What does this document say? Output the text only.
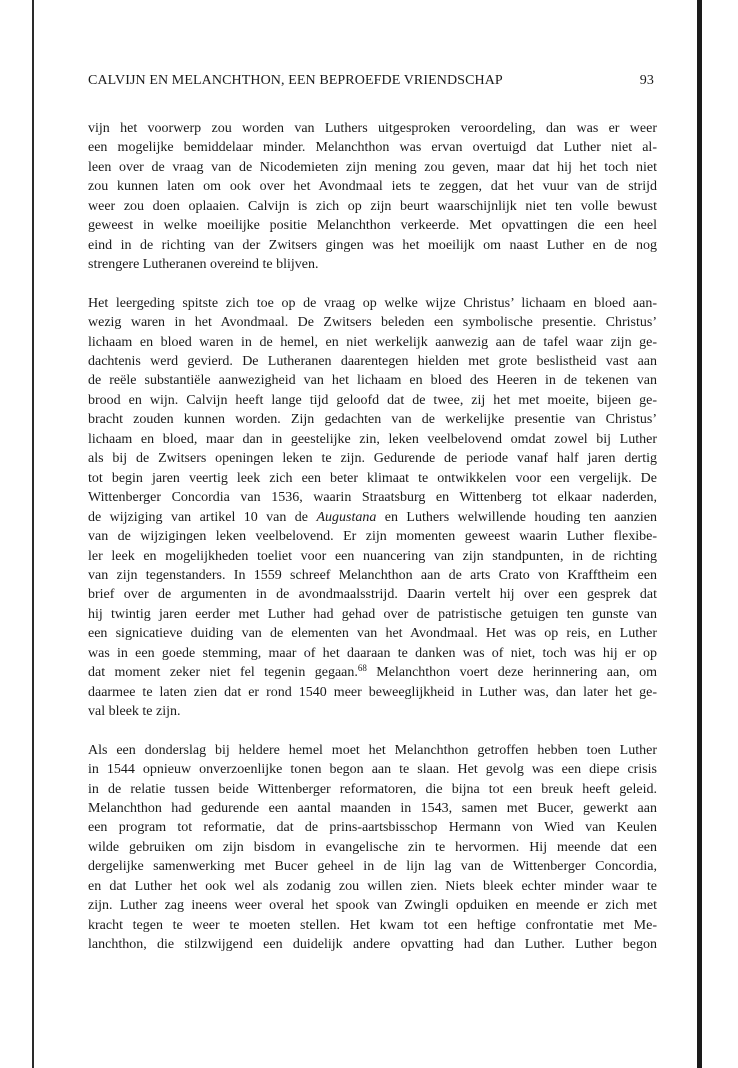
CALVIJN EN MELANCHTHON, EEN BEPROEFDE VRIENDSCHAP	93
vijn het voorwerp zou worden van Luthers uitgesproken veroordeling, dan was er weer
een mogelijke bemiddelaar minder. Melanchthon was ervan overtuigd dat Luther niet al-
leen over de vraag van de Nicodemieten zijn mening zou geven, maar dat hij het toch niet
zou kunnen laten om ook over het Avondmaal iets te zeggen, dat het vuur van de strijd
weer zou doen oplaaien. Calvijn is zich op zijn beurt waarschijnlijk niet ten volle bewust
geweest in welke moeilijke positie Melanchthon verkeerde. Met opvattingen die een heel
eind in de richting van der Zwitsers gingen was het moeilijk om naast Luther en de nog
strengere Lutheranen overeind te blijven.
Het leergeding spitste zich toe op de vraag op welke wijze Christus’ lichaam en bloed aan-
wezig waren in het Avondmaal. De Zwitsers beleden een symbolische presentie. Christus’
lichaam en bloed waren in de hemel, en niet werkelijk aanwezig aan de tafel waar zijn ge-
dachtenis werd gevierd. De Lutheranen daarentegen hielden met grote beslistheid vast aan
de reële substantiële aanwezigheid van het lichaam en bloed des Heeren in de tekenen van
brood en wijn. Calvijn heeft lange tijd geloofd dat de twee, zij het met moeite, bijeen ge-
bracht zouden kunnen worden. Zijn gedachten van de werkelijke presentie van Christus’
lichaam en bloed, maar dan in geestelijke zin, leken veelbelovend omdat zowel bij Luther
als bij de Zwitsers openingen leken te zijn. Gedurende de periode vanaf half jaren dertig
tot begin jaren veertig leek zich een beter klimaat te ontwikkelen voor een vergelijk. De
Wittenberger Concordia van 1536, waarin Straatsburg en Wittenberg tot elkaar naderden,
de wijziging van artikel 10 van de Augustana en Luthers welwillende houding ten aanzien
van de wijzigingen leken veelbelovend. Er zijn momenten geweest waarin Luther flexibe-
ler leek en mogelijkheden toeliet voor een nuancering van zijn standpunten, in de richting
van zijn tegenstanders. In 1559 schreef Melanchthon aan de arts Crato von Krafftheim een
brief over de argumenten in de avondmaalsstrijd. Daarin vertelt hij over een gesprek dat
hij twintig jaren eerder met Luther had gehad over de patristische getuigen ten gunste van
een signicatieve duiding van de elementen van het Avondmaal. Het was op reis, en Luther
was in een goede stemming, maar of het daaraan te danken was of niet, toch was hij er op
dat moment zeker niet fel tegenin gegaan.$^{68}$ Melanchthon voert deze herinnering aan, om
daarmee te laten zien dat er rond 1540 meer beweeglijkheid in Luther was, dan later het ge-
val bleek te zijn.
Als een donderslag bij heldere hemel moet het Melanchthon getroffen hebben toen Luther
in 1544 opnieuw onverzoenlijke tonen begon aan te slaan. Het gevolg was een diepe crisis
in de relatie tussen beide Wittenberger reformatoren, die bijna tot een breuk heeft geleid.
Melanchthon had gedurende een aantal maanden in 1543, samen met Bucer, gewerkt aan
een program tot reformatie, dat de prins-aartsbisschop Hermann von Wied van Keulen
wilde gebruiken om zijn bisdom in evangelische zin te hervormen. Hij meende dat een
dergelijke samenwerking met Bucer geheel in de lijn lag van de Wittenberger Concordia,
en dat Luther het ook wel als zodanig zou willen zien. Niets bleek echter minder waar te
zijn. Luther zag ineens weer overal het spook van Zwingli opduiken en meende er zich met
kracht tegen te weer te moeten stellen. Het kwam tot een heftige confrontatie met Me-
lanchthon, die stilzwijgend een duidelijk andere opvatting had dan Luther. Luther begon
